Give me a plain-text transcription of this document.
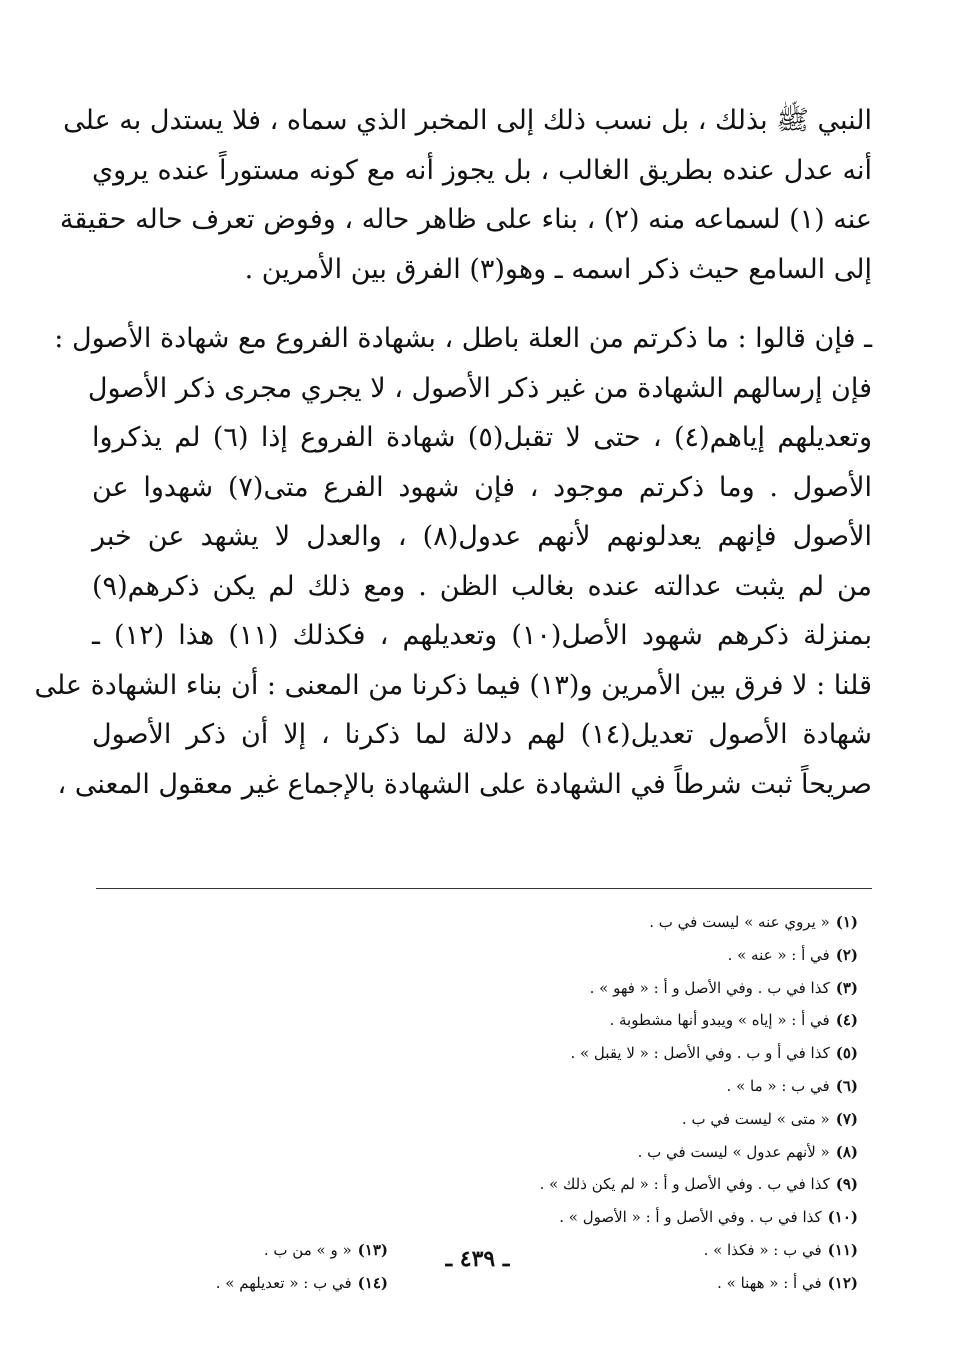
النبي ﷺ بذلك ، بل نسب ذلك إلى المخبر الذي سماه ، فلا يستدل به على
أنه عدل عنده بطريق الغالب ، بل يجوز أنه مع كونه مستوراً عنده يروي
عنه (١) لسماعه منه (٢) ، بناء على ظاهر حاله ، وفوض تعرف حاله حقيقة
إلى السامع حيث ذكر اسمه ـ وهو(٣) الفرق بين الأمرين .
ـ فإن قالوا : ما ذكرتم من العلة باطل ، بشهادة الفروع مع شهادة الأصول :
فإن إرسالهم الشهادة من غير ذكر الأصول ، لا يجري مجرى ذكر الأصول
وتعديلهم إياهم(٤) ، حتى لا تقبل(٥) شهادة الفروع إذا (٦) لم يذكروا
الأصول . وما ذكرتم موجود ، فإن شهود الفرع متى(٧) شهدوا عن
الأصول فإنهم يعدلونهم لأنهم عدول(٨) ، والعدل لا يشهد عن خبر
من لم يثبت عدالته عنده بغالب الظن . ومع ذلك لم يكن ذكرهم(٩)
بمنزلة ذكرهم شهود الأصل(١٠) وتعديلهم ، فكذلك (١١) هذا (١٢) ـ
قلنا : لا فرق بين الأمرين و(١٣) فيما ذكرنا من المعنى : أن بناء الشهادة على
شهادة الأصول تعديل(١٤) لهم دلالة لما ذكرنا ، إلا أن ذكر الأصول
صريحاً ثبت شرطاً في الشهادة على الشهادة بالإجماع غير معقول المعنى ،
(١)« يروي عنه » ليست في ب .
(٢)في أ : « عنه » .
(٣)كذا في ب . وفي الأصل و أ : « فهو » .
(٤)في أ : « إياه » ويبدو أنها مشطوبة .
(٥)كذا في أ و ب . وفي الأصل : « لا يقبل » .
(٦)في ب : « ما » .
(٧)« متى » ليست في ب .
(٨)« لأنهم عدول » ليست في ب .
(٩)كذا في ب . وفي الأصل و أ : « لم يكن ذلك » .
(١٠)كذا في ب . وفي الأصل و أ : « الأصول » .
(١١)في ب : « فكذا » .
(١٣)« و » من ب .
(١٢)في أ : « ههنا » .
(١٤)في ب : « تعديلهم » .
ـ ٤٣٩ ـ
